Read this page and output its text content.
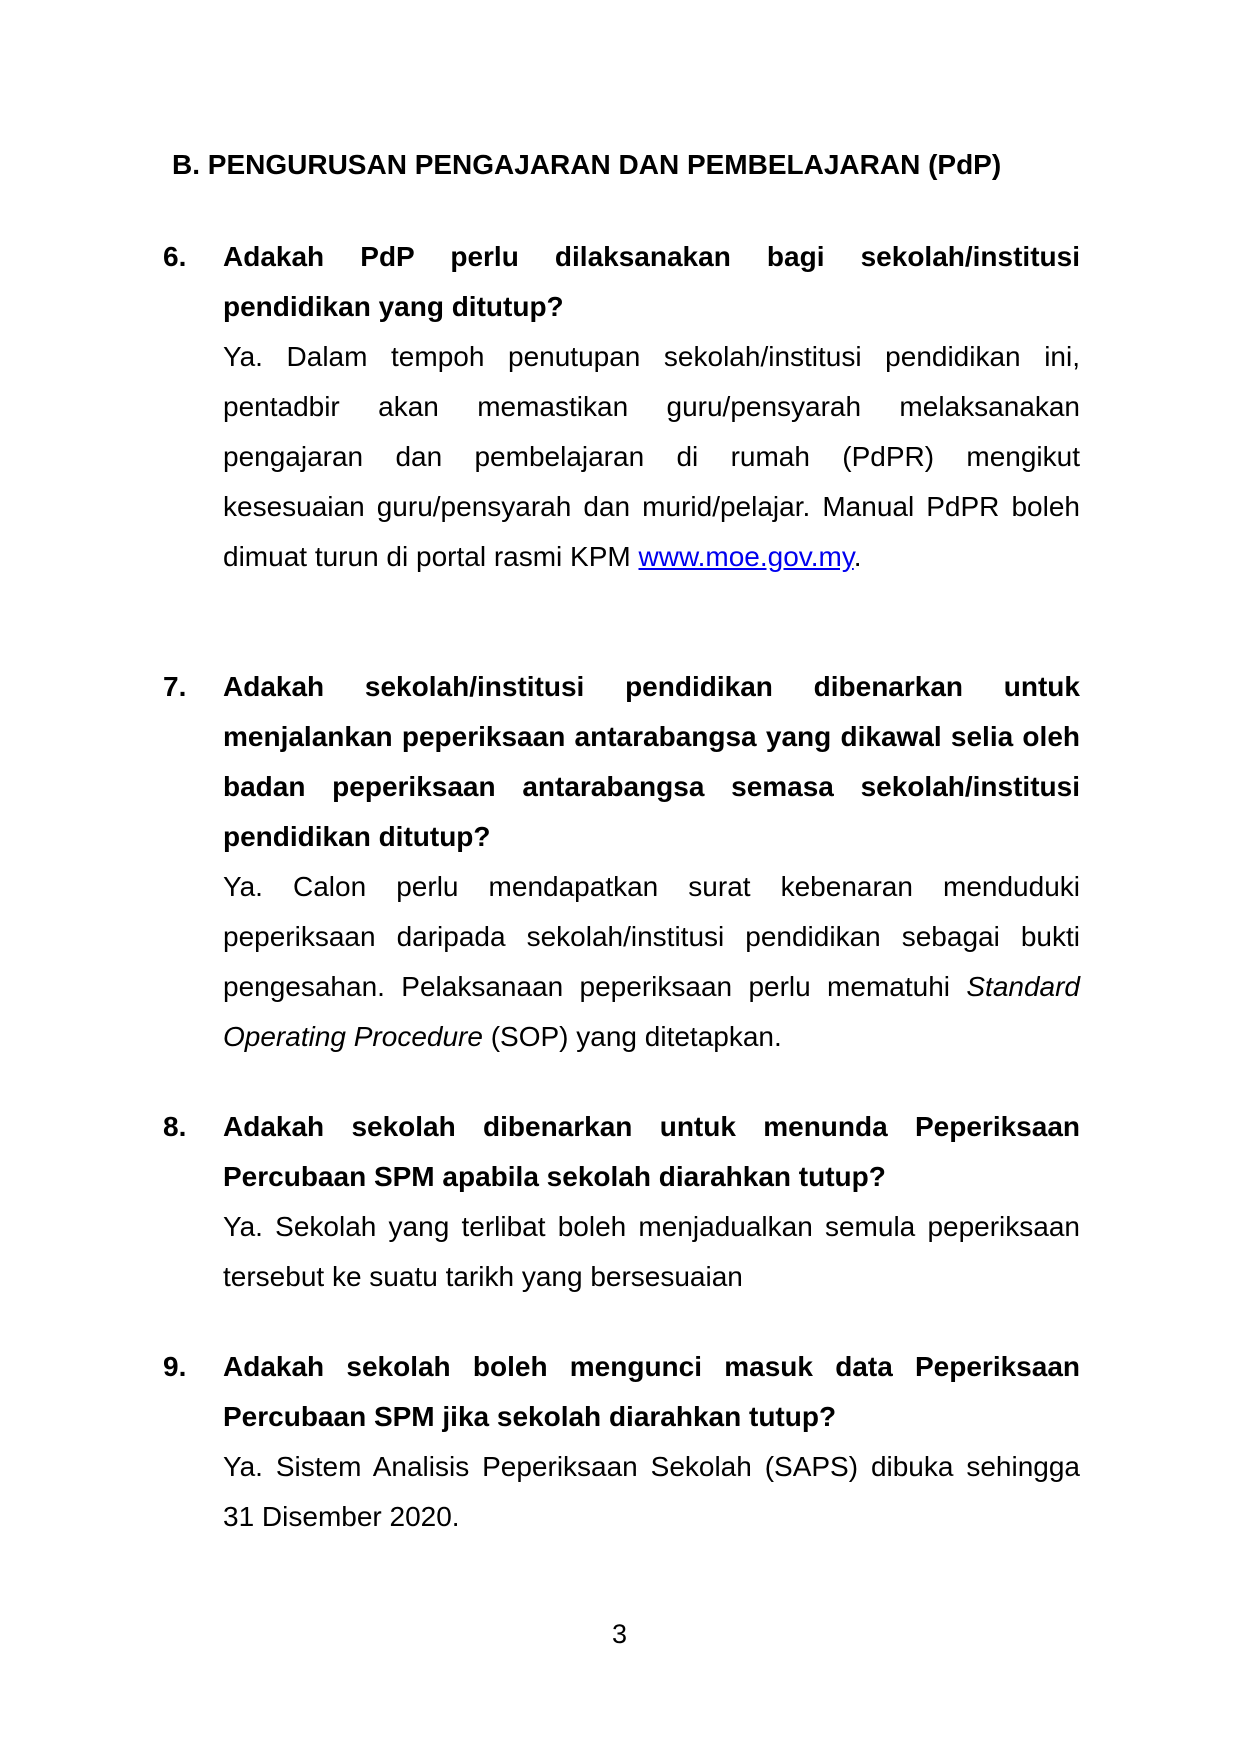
B. PENGURUSAN PENGAJARAN DAN PEMBELAJARAN (PdP)
6.	Adakah PdP perlu dilaksanakan bagi sekolah/institusi pendidikan yang ditutup?

Ya. Dalam tempoh penutupan sekolah/institusi pendidikan ini, pentadbir akan memastikan guru/pensyarah melaksanakan pengajaran dan pembelajaran di rumah (PdPR) mengikut kesesuaian guru/pensyarah dan murid/pelajar. Manual PdPR boleh dimuat turun di portal rasmi KPM www.moe.gov.my.

7.	Adakah sekolah/institusi pendidikan dibenarkan untuk menjalankan peperiksaan antarabangsa yang dikawal selia oleh badan peperiksaan antarabangsa semasa sekolah/institusi pendidikan ditutup?

Ya. Calon perlu mendapatkan surat kebenaran menduduki peperiksaan daripada sekolah/institusi pendidikan sebagai bukti pengesahan. Pelaksanaan peperiksaan perlu mematuhi Standard Operating Procedure (SOP) yang ditetapkan.

8.	Adakah sekolah dibenarkan untuk menunda Peperiksaan Percubaan SPM apabila sekolah diarahkan tutup?

Ya. Sekolah yang terlibat boleh menjadualkan semula peperiksaan tersebut ke suatu tarikh yang bersesuaian

9.	Adakah sekolah boleh mengunci masuk data Peperiksaan Percubaan SPM jika sekolah diarahkan tutup?

Ya. Sistem Analisis Peperiksaan Sekolah (SAPS) dibuka sehingga 31 Disember 2020.

3
